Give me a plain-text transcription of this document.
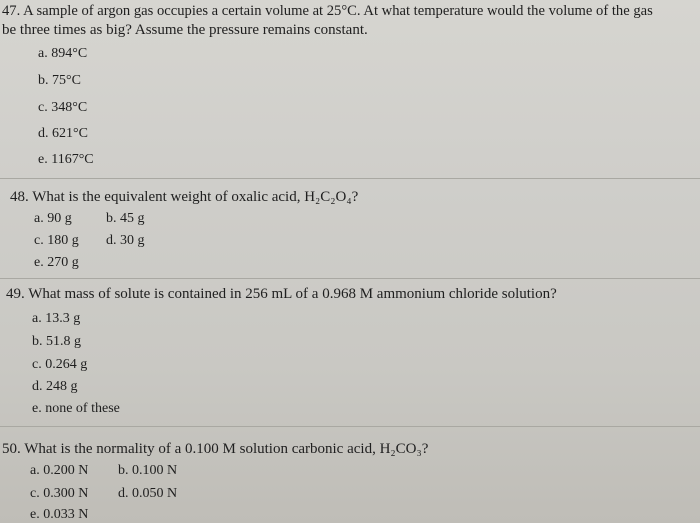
47. A sample of argon gas occupies a certain volume at 25°C. At what temperature would the volume of the gas
be three times as big? Assume the pressure remains constant.
a. 894°C
b. 75°C
c. 348°C
d. 621°C
e. 1167°C
48. What is the equivalent weight of oxalic acid, H₂C₂O₄?
a. 90 g b. 45 g
c. 180 g d. 30 g
e. 270 g
49. What mass of solute is contained in 256 mL of a 0.968 M ammonium chloride solution?
a. 13.3 g
b. 51.8 g
c. 0.264 g
d. 248 g
e. none of these
50. What is the normality of a 0.100 M solution carbonic acid, H₂CO₃?
a. 0.200 N b. 0.100 N
c. 0.300 N d. 0.050 N
e. 0.033 N
